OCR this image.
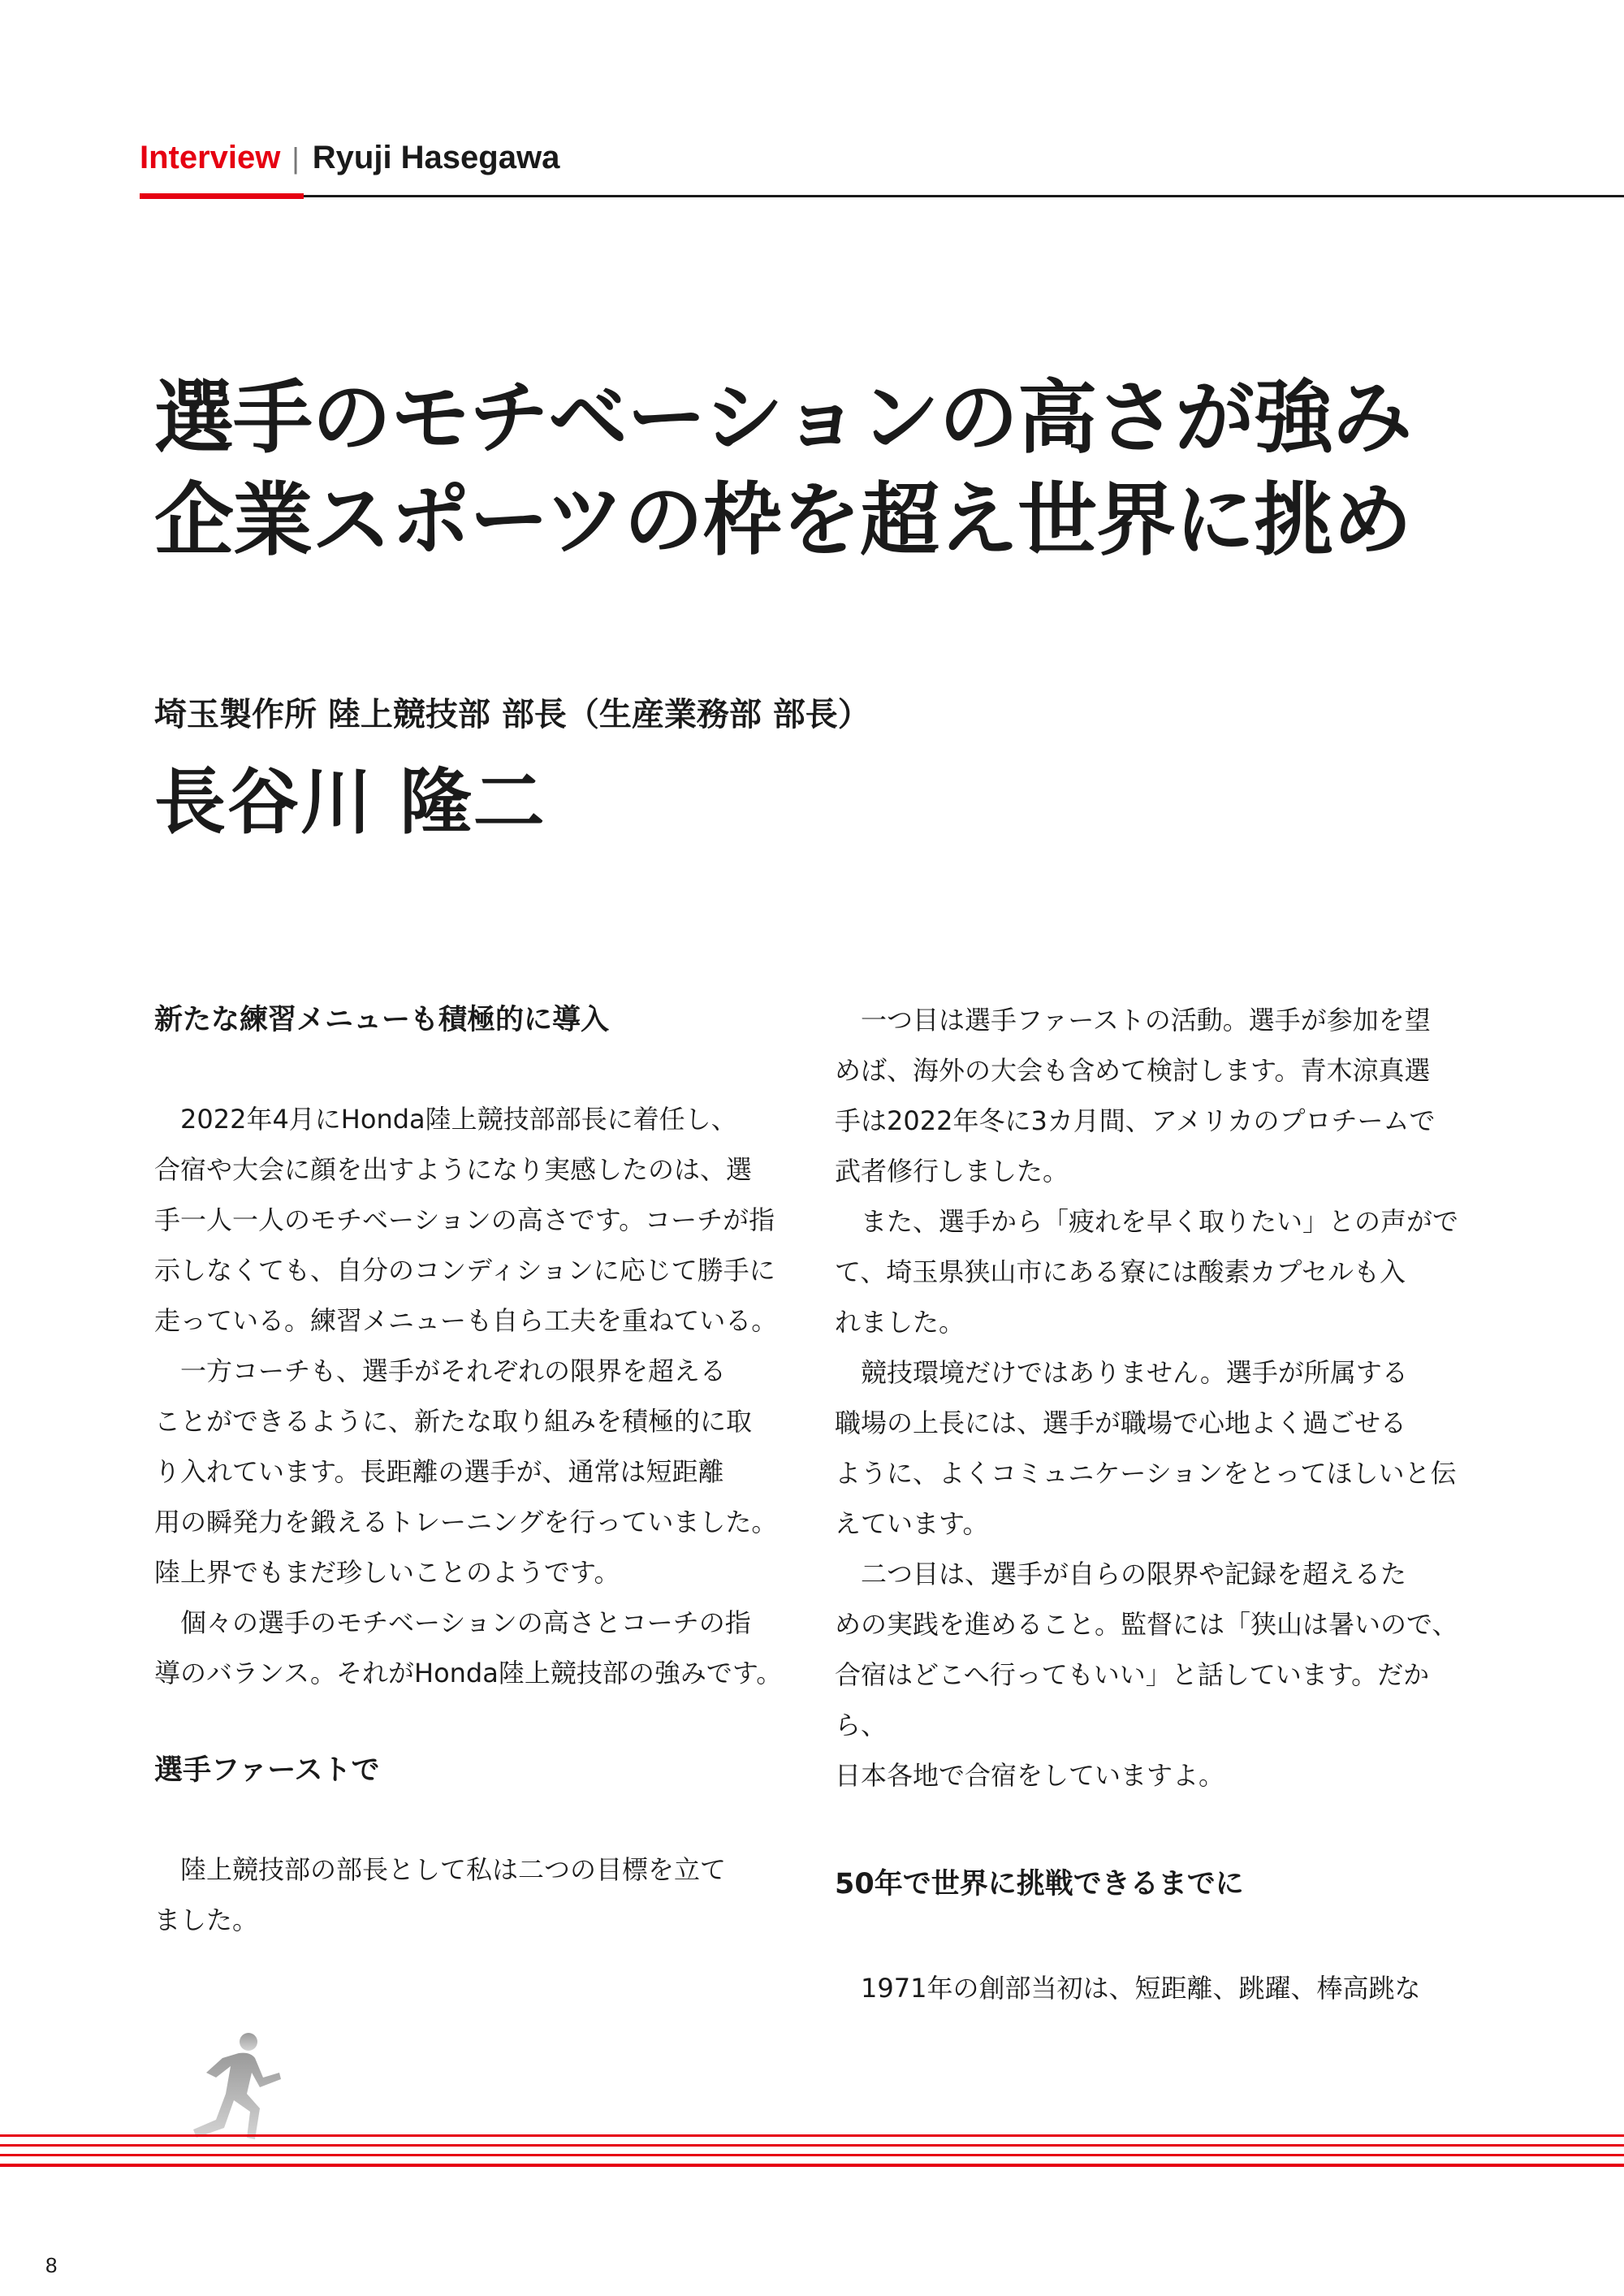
Interview | Ryuji Hasegawa
選手のモチベーションの高さが強み
企業スポーツの枠を超え世界に挑め
埼玉製作所 陸上競技部 部長（生産業務部 部長）
長谷川 隆二
新たな練習メニューも積極的に導入

2022年4月にHonda陸上競技部部長に着任し、
合宿や大会に顔を出すようになり実感したのは、選
手一人一人のモチベーションの高さです。コーチが指
示しなくても、自分のコンディションに応じて勝手に
走っている。練習メニューも自ら工夫を重ねている。

一方コーチも、選手がそれぞれの限界を超える
ことができるように、新たな取り組みを積極的に取
り入れています。長距離の選手が、通常は短距離
用の瞬発力を鍛えるトレーニングを行っていました。
陸上界でもまだ珍しいことのようです。

個々の選手のモチベーションの高さとコーチの指
導のバランス。それがHonda陸上競技部の強みです。

選手ファーストで

陸上競技部の部長として私は二つの目標を立て
ました。

一つ目は選手ファーストの活動。選手が参加を望
めば、海外の大会も含めて検討します。青木涼真選
手は2022年冬に3カ月間、アメリカのプロチームで
武者修行しました。

また、選手から「疲れを早く取りたい」との声がで
て、埼玉県狭山市にある寮には酸素カプセルも入
れました。

競技環境だけではありません。選手が所属する
職場の上長には、選手が職場で心地よく過ごせる
ように、よくコミュニケーションをとってほしいと伝
えています。

二つ目は、選手が自らの限界や記録を超えるた
めの実践を進めること。監督には「狭山は暑いので、
合宿はどこへ行ってもいい」と話しています。だから、
日本各地で合宿をしていますよ。

50年で世界に挑戦できるまでに

1971年の創部当初は、短距離、跳躍、棒高跳な

8
